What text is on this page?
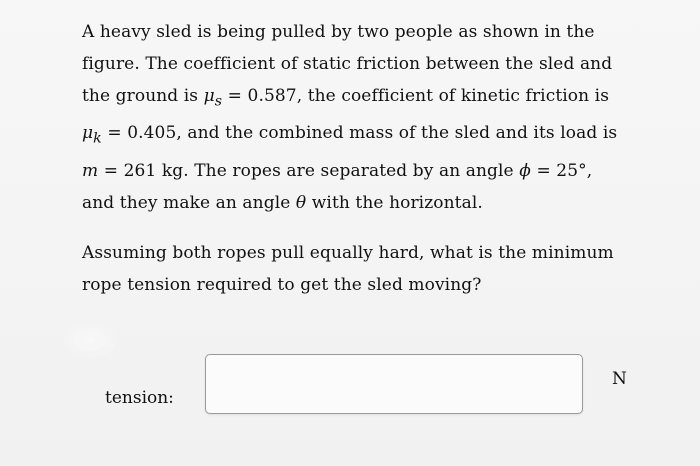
A heavy sled is being pulled by two people as shown in the
figure. The coefficient of static friction between the sled and
the ground is $\mu_s = 0.587$, the coefficient of kinetic friction is
$\mu_k = 0.405$, and the combined mass of the sled and its load is
m = 261 kg. The ropes are separated by an angle ϕ = 25°,
and they make an angle θ with the horizontal.

Assuming both ropes pull equally hard, what is the minimum
rope tension required to get the sled moving?

tension:
N
